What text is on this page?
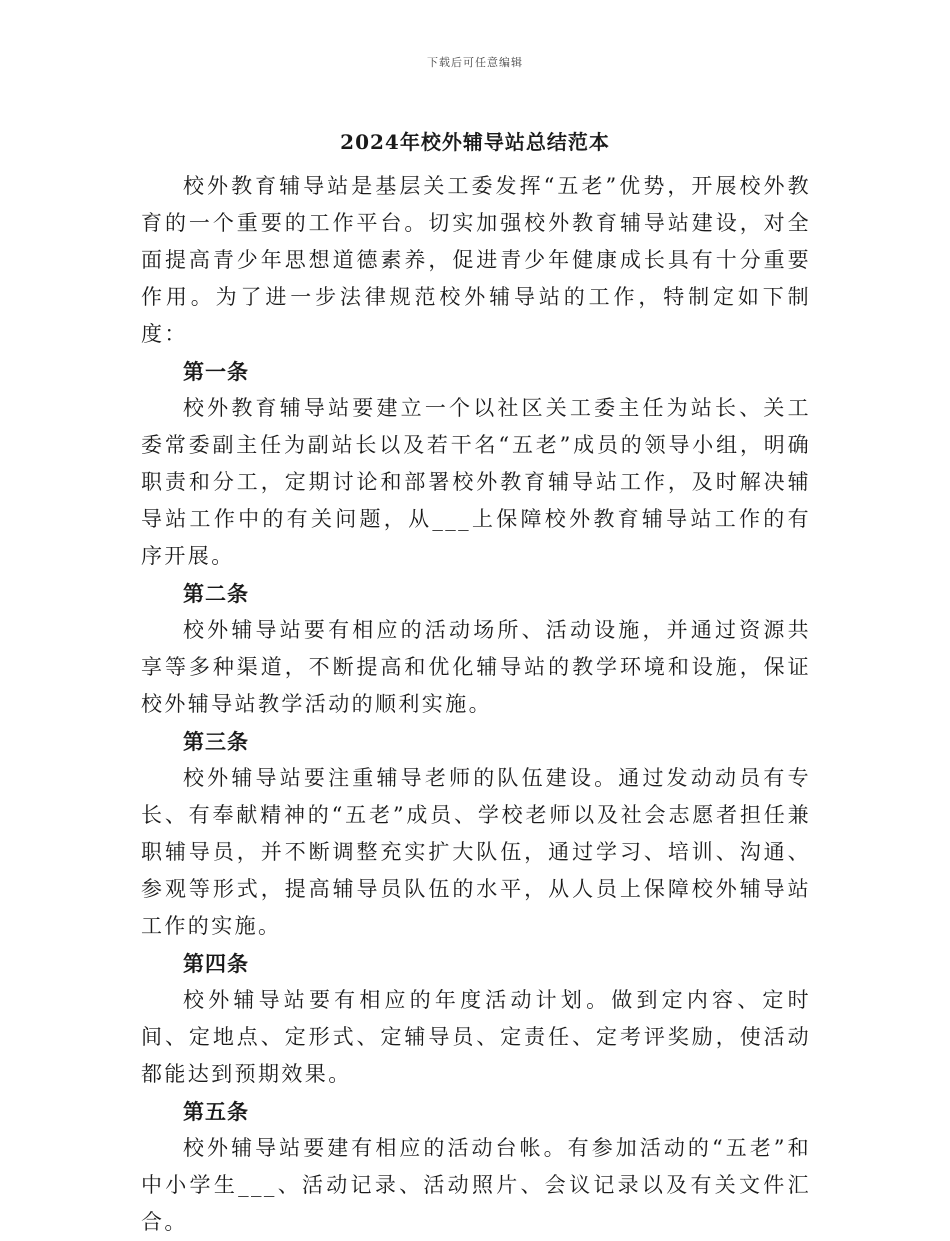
下载后可任意编辑
2024年校外辅导站总结范本

校外教育辅导站是基层关工委发挥“五老”优势，开展校外教育的一个重要的工作平台。切实加强校外教育辅导站建设，对全面提高青少年思想道德素养，促进青少年健康成长具有十分重要作用。为了进一步法律规范校外辅导站的工作，特制定如下制度：

第一条

校外教育辅导站要建立一个以社区关工委主任为站长、关工委常委副主任为副站长以及若干名“五老”成员的领导小组，明确职责和分工，定期讨论和部署校外教育辅导站工作，及时解决辅导站工作中的有关问题，从___上保障校外教育辅导站工作的有序开展。

第二条

校外辅导站要有相应的活动场所、活动设施，并通过资源共享等多种渠道，不断提高和优化辅导站的教学环境和设施，保证校外辅导站教学活动的顺利实施。

第三条

校外辅导站要注重辅导老师的队伍建设。通过发动动员有专长、有奉献精神的“五老”成员、学校老师以及社会志愿者担任兼职辅导员，并不断调整充实扩大队伍，通过学习、培训、沟通、参观等形式，提高辅导员队伍的水平，从人员上保障校外辅导站工作的实施。

第四条

校外辅导站要有相应的年度活动计划。做到定内容、定时间、定地点、定形式、定辅导员、定责任、定考评奖励，使活动都能达到预期效果。

第五条

校外辅导站要建有相应的活动台帐。有参加活动的“五老”和中小学生___、活动记录、活动照片、会议记录以及有关文件汇合。
